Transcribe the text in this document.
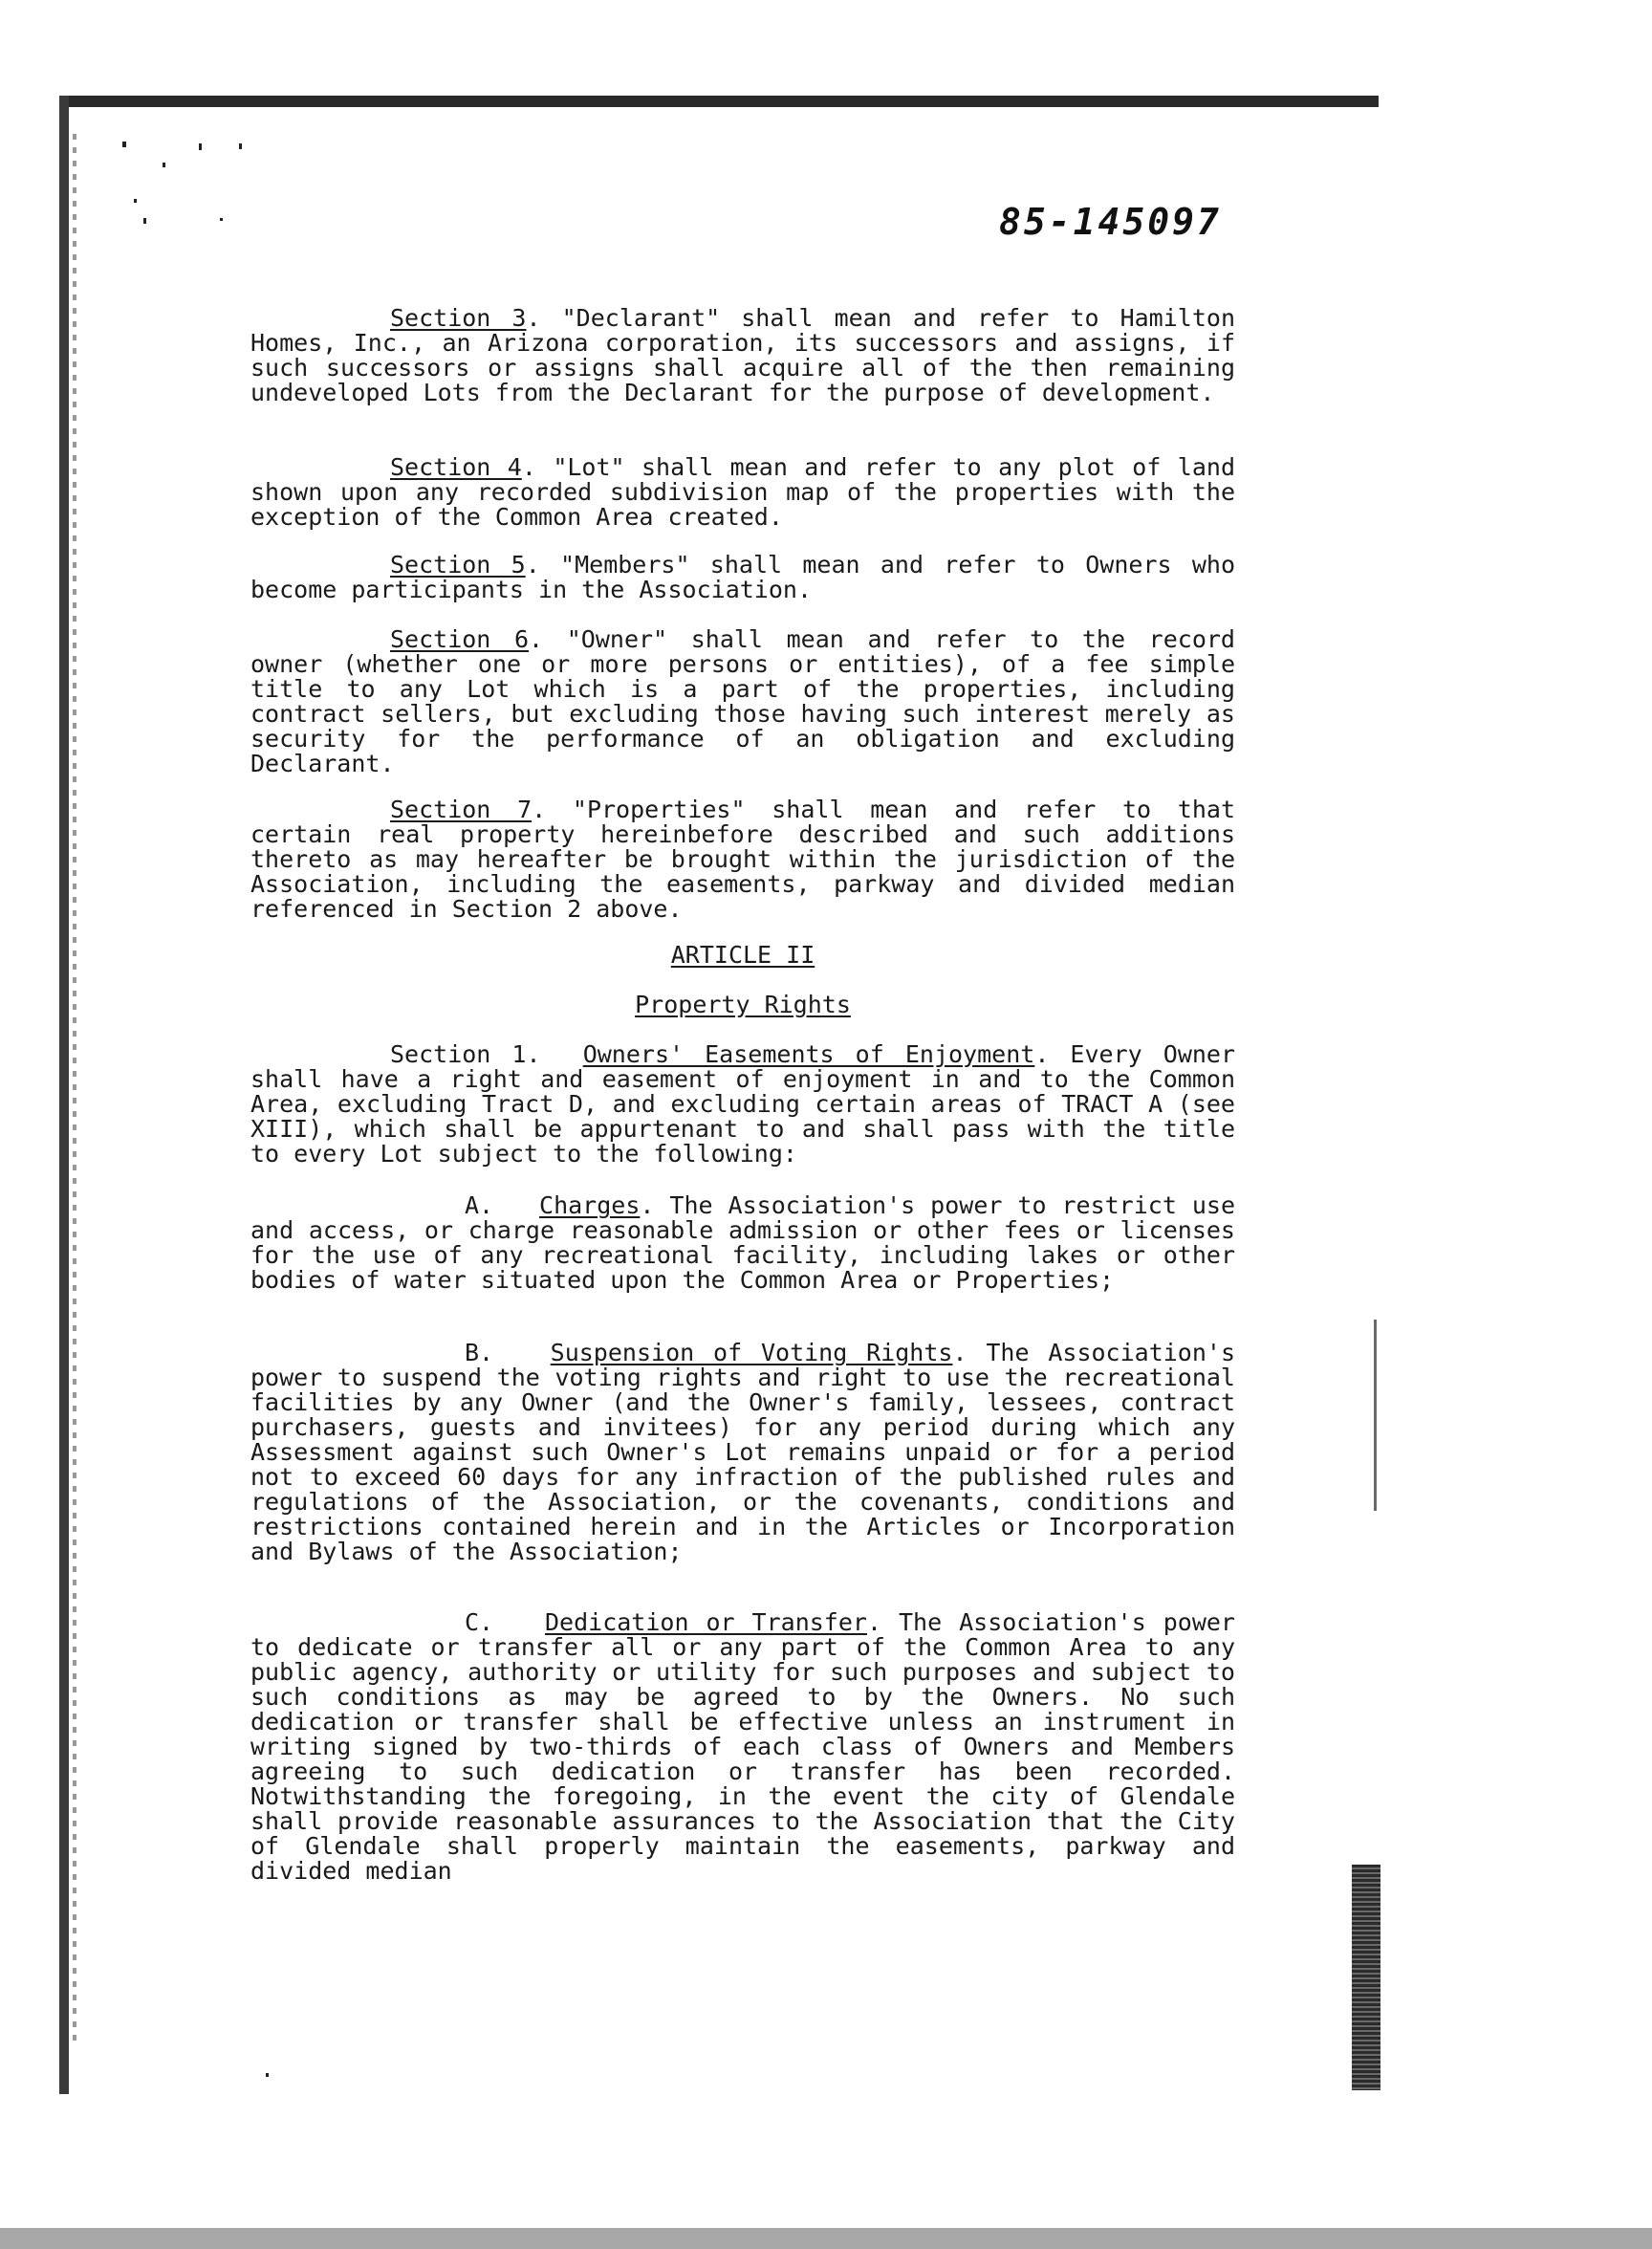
85-145097

Section 3. "Declarant" shall mean and refer to Hamilton Homes, Inc., an Arizona corporation, its successors and assigns, if such successors or assigns shall acquire all of the then remaining undeveloped Lots from the Declarant for the purpose of development.

Section 4. "Lot" shall mean and refer to any plot of land shown upon any recorded subdivision map of the properties with the exception of the Common Area created.

Section 5. "Members" shall mean and refer to Owners who become participants in the Association.

Section 6. "Owner" shall mean and refer to the record owner (whether one or more persons or entities), of a fee simple title to any Lot which is a part of the properties, including contract sellers, but excluding those having such interest merely as security for the performance of an obligation and excluding Declarant.

Section 7. "Properties" shall mean and refer to that certain real property hereinbefore described and such additions thereto as may hereafter be brought within the jurisdiction of the Association, including the easements, parkway and divided median referenced in Section 2 above.

ARTICLE II
Property Rights

Section 1. Owners' Easements of Enjoyment. Every Owner shall have a right and easement of enjoyment in and to the Common Area, excluding Tract D, and excluding certain areas of TRACT A (see XIII), which shall be appurtenant to and shall pass with the title to every Lot subject to the following:

A. Charges. The Association's power to restrict use and access, or charge reasonable admission or other fees or licenses for the use of any recreational facility, including lakes or other bodies of water situated upon the Common Area or Properties;

B. Suspension of Voting Rights. The Association's power to suspend the voting rights and right to use the recreational facilities by any Owner (and the Owner's family, lessees, contract purchasers, guests and invitees) for any period during which any Assessment against such Owner's Lot remains unpaid or for a period not to exceed 60 days for any infraction of the published rules and regulations of the Association, or the covenants, conditions and restrictions contained herein and in the Articles or Incorporation and Bylaws of the Association;

C. Dedication or Transfer. The Association's power to dedicate or transfer all or any part of the Common Area to any public agency, authority or utility for such purposes and subject to such conditions as may be agreed to by the Owners. No such dedication or transfer shall be effective unless an instrument in writing signed by two-thirds of each class of Owners and Members agreeing to such dedication or transfer has been recorded. Notwithstanding the foregoing, in the event the city of Glendale shall provide reasonable assurances to the Association that the City of Glendale shall properly maintain the easements, parkway and divided median
